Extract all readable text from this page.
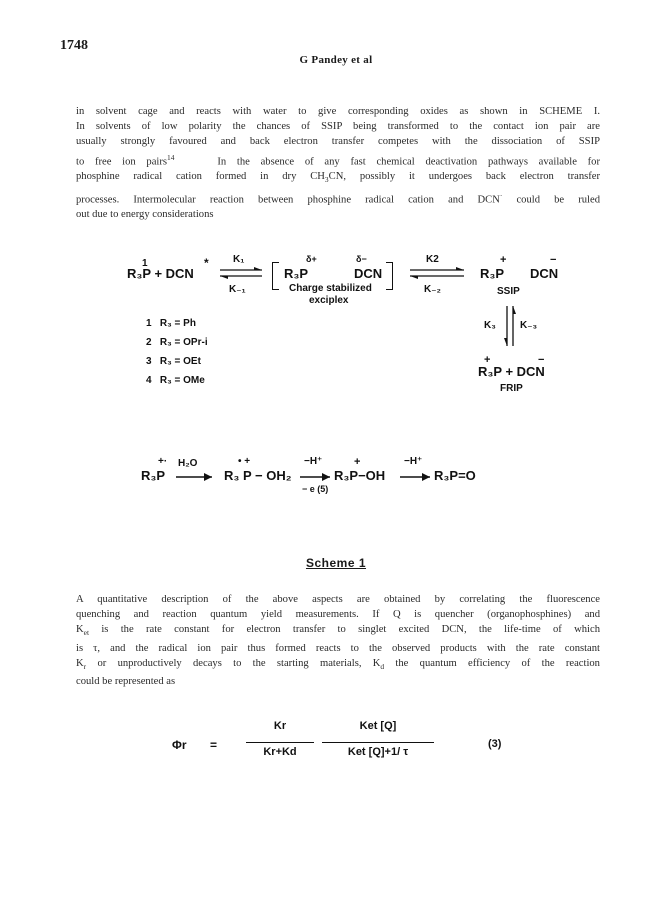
1748
G Pandey et al

in solvent cage and reacts with water to give corresponding oxides as shown in SCHEME I.

In solvents of low polarity the chances of SSIP being transformed to the contact ion pair are

usually strongly favoured and back electron transfer competes with the dissociation of SSIP

to free ion pairs$^{14}$	In the absence of any fast chemical deactivation pathways available for

phosphine radical cation formed in dry $CH_3CN$, possibly it undergoes back electron transfer

processes. Intermolecular reaction between phosphine radical cation and DCN· could be ruled

out due to energy considerations

1	*
R₃P + DCN
K₁
K₋₁
R₃P
δ+	δ−
DCN
Charge stabilized
exciplex
K2
K₋₂
R₃P
+
DCN
−
SSIP
K₃ K₋₃
+	−
R₃P + DCN
FRIP
1 R₃ = Ph
2 R₃ = OPr-i
3 R₃ = OEt
4 R₃ = OMe
+·
R₃P
H₂O	• +
R₃ P − OH₂
−H⁺
− e (5)
+
R₃P−OH
−H⁺
→ R₃P=O
Scheme 1

A quantitative description of the above aspects are obtained by correlating the fluorescence

quenching and reaction quantum yield measurements. If Q is quencher (organophosphines) and

$K_{et}$ is the rate constant for electron transfer to singlet excited DCN, the life-time of which

is τ, and the radical ion pair thus formed reacts to the observed products with the rate constant

$K_r$ or unproductively decays to the starting materials, $K_d$ the quantum efficiency of the reaction

could be represented as

Φr =
Kr
Kr+Kd
Ket [Q]
Ket [Q]+1/ τ
(3)
